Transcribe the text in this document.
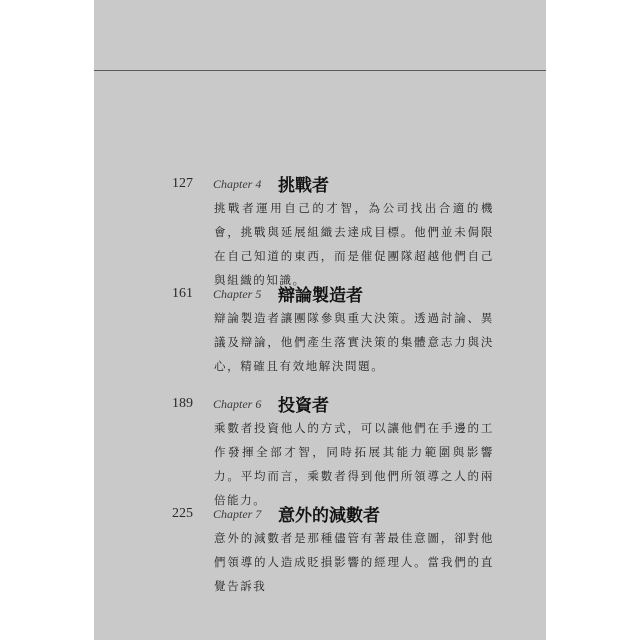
127 Chapter 4 挑戰者
挑戰者運用自己的才智，為公司找出合適的機會，挑戰與延展組織去達成目標。他們並未侷限在自己知道的東西，而是催促團隊超越他們自己與組織的知識。
161 Chapter 5 辯論製造者
辯論製造者讓團隊參與重大決策。透過討論、異議及辯論，他們產生落實決策的集體意志力與決心，精確且有效地解決問題。
189 Chapter 6 投資者
乘數者投資他人的方式，可以讓他們在手邊的工作發揮全部才智，同時拓展其能力範圍與影響力。平均而言，乘數者得到他們所領導之人的兩倍能力。
225 Chapter 7 意外的減數者
意外的減數者是那種儘管有著最佳意圖，卻對他們領導的人造成貶損影響的經理人。當我們的直覺告訴我
